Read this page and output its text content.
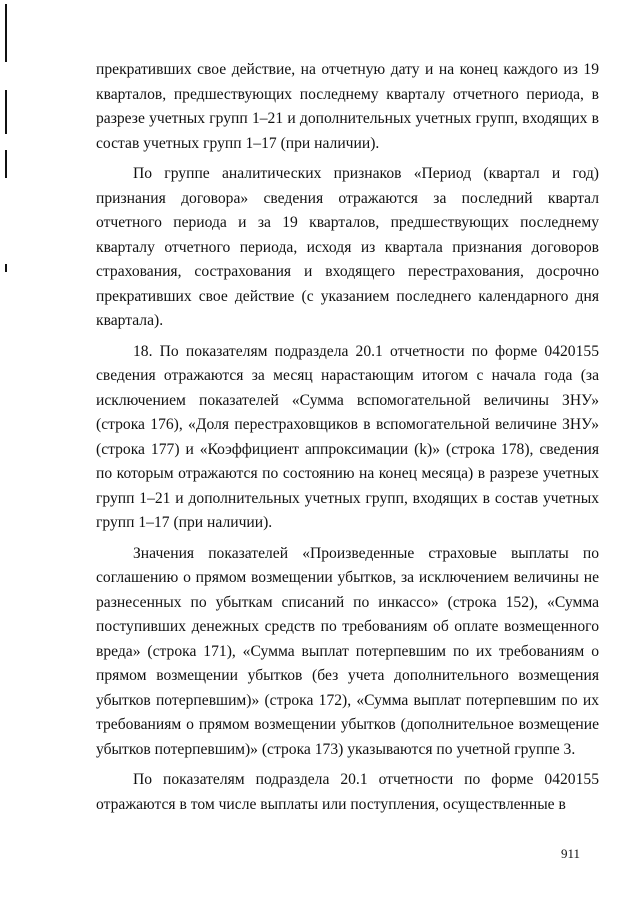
прекративших свое действие, на отчетную дату и на конец каждого из 19 кварталов, предшествующих последнему кварталу отчетного периода, в разрезе учетных групп 1–21 и дополнительных учетных групп, входящих в состав учетных групп 1–17 (при наличии).

По группе аналитических признаков «Период (квартал и год) признания договора» сведения отражаются за последний квартал отчетного периода и за 19 кварталов, предшествующих последнему кварталу отчетного периода, исходя из квартала признания договоров страхования, сострахования и входящего перестрахования, досрочно прекративших свое действие (с указанием последнего календарного дня квартала).

18. По показателям подраздела 20.1 отчетности по форме 0420155 сведения отражаются за месяц нарастающим итогом с начала года (за исключением показателей «Сумма вспомогательной величины ЗНУ» (строка 176), «Доля перестраховщиков в вспомогательной величине ЗНУ» (строка 177) и «Коэффициент аппроксимации (k)» (строка 178), сведения по которым отражаются по состоянию на конец месяца) в разрезе учетных групп 1–21 и дополнительных учетных групп, входящих в состав учетных групп 1–17 (при наличии).

Значения показателей «Произведенные страховые выплаты по соглашению о прямом возмещении убытков, за исключением величины не разнесенных по убыткам списаний по инкассо» (строка 152), «Сумма поступивших денежных средств по требованиям об оплате возмещенного вреда» (строка 171), «Сумма выплат потерпевшим по их требованиям о прямом возмещении убытков (без учета дополнительного возмещения убытков потерпевшим)» (строка 172), «Сумма выплат потерпевшим по их требованиям о прямом возмещении убытков (дополнительное возмещение убытков потерпевшим)» (строка 173) указываются по учетной группе 3.

По показателям подраздела 20.1 отчетности по форме 0420155 отражаются в том числе выплаты или поступления, осуществленные в

911
